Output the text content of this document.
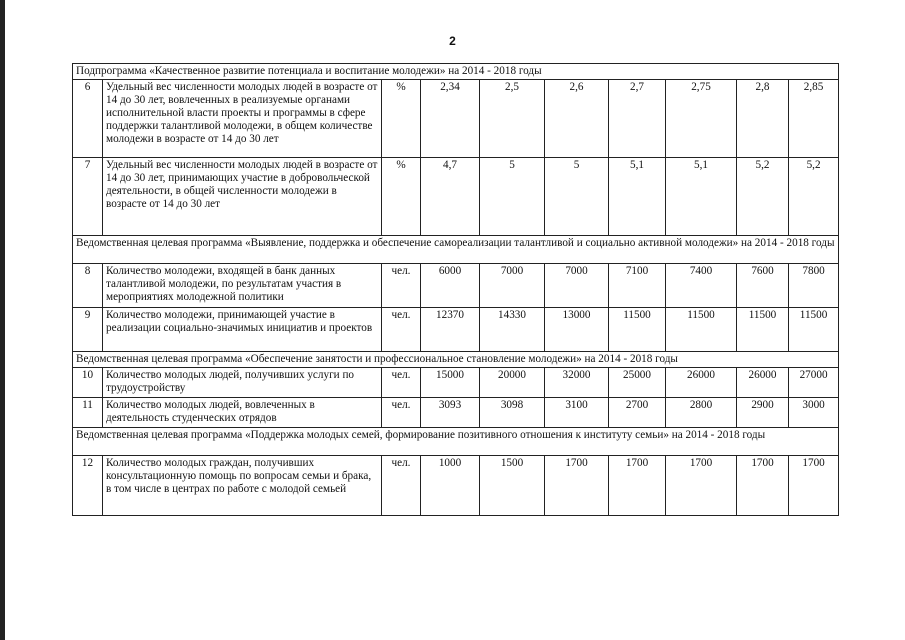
2
Подпрограмма «Качественное развитие потенциала и воспитание молодежи» на 2014 - 2018 годы									
6	Удельный вес численности молодых людей в возрасте от 14 до 30 лет, вовлеченных в реализуемые органами исполнительной власти проекты и программы в сфере поддержки талантливой молодежи, в общем количестве молодежи в возрасте от 14 до 30 лет	%	2,34	2,5	2,6	2,7	2,75	2,8	2,85
7	Удельный вес численности молодых людей в возрасте от 14 до 30 лет, принимающих участие в добровольческой деятельности, в общей численности молодежи в возрасте от 14 до 30 лет	%	4,7	5	5	5,1	5,1	5,2	5,2
Ведомственная целевая программа «Выявление, поддержка и обеспечение самореализации талантливой и социально активной молодежи» на 2014 - 2018 годы									
8	Количество молодежи, входящей в банк данных талантливой молодежи, по результатам участия в мероприятиях молодежной политики	чел.	6000	7000	7000	7100	7400	7600	7800
9	Количество молодежи, принимающей участие в реализации социально-значимых инициатив и проектов	чел.	12370	14330	13000	11500	11500	11500	11500
Ведомственная целевая программа «Обеспечение занятости и профессиональное становление молодежи» на 2014 - 2018 годы									
10	Количество молодых людей, получивших услуги по трудоустройству	чел.	15000	20000	32000	25000	26000	26000	27000
11	Количество молодых людей, вовлеченных в деятельность студенческих отрядов	чел.	3093	3098	3100	2700	2800	2900	3000
Ведомственная целевая программа «Поддержка молодых семей, формирование позитивного отношения к институту семьи» на 2014 - 2018 годы									
12	Количество молодых граждан, получивших консультационную помощь по вопросам семьи и брака, в том числе в центрах по работе с молодой семьей	чел.	1000	1500	1700	1700	1700	1700	1700
